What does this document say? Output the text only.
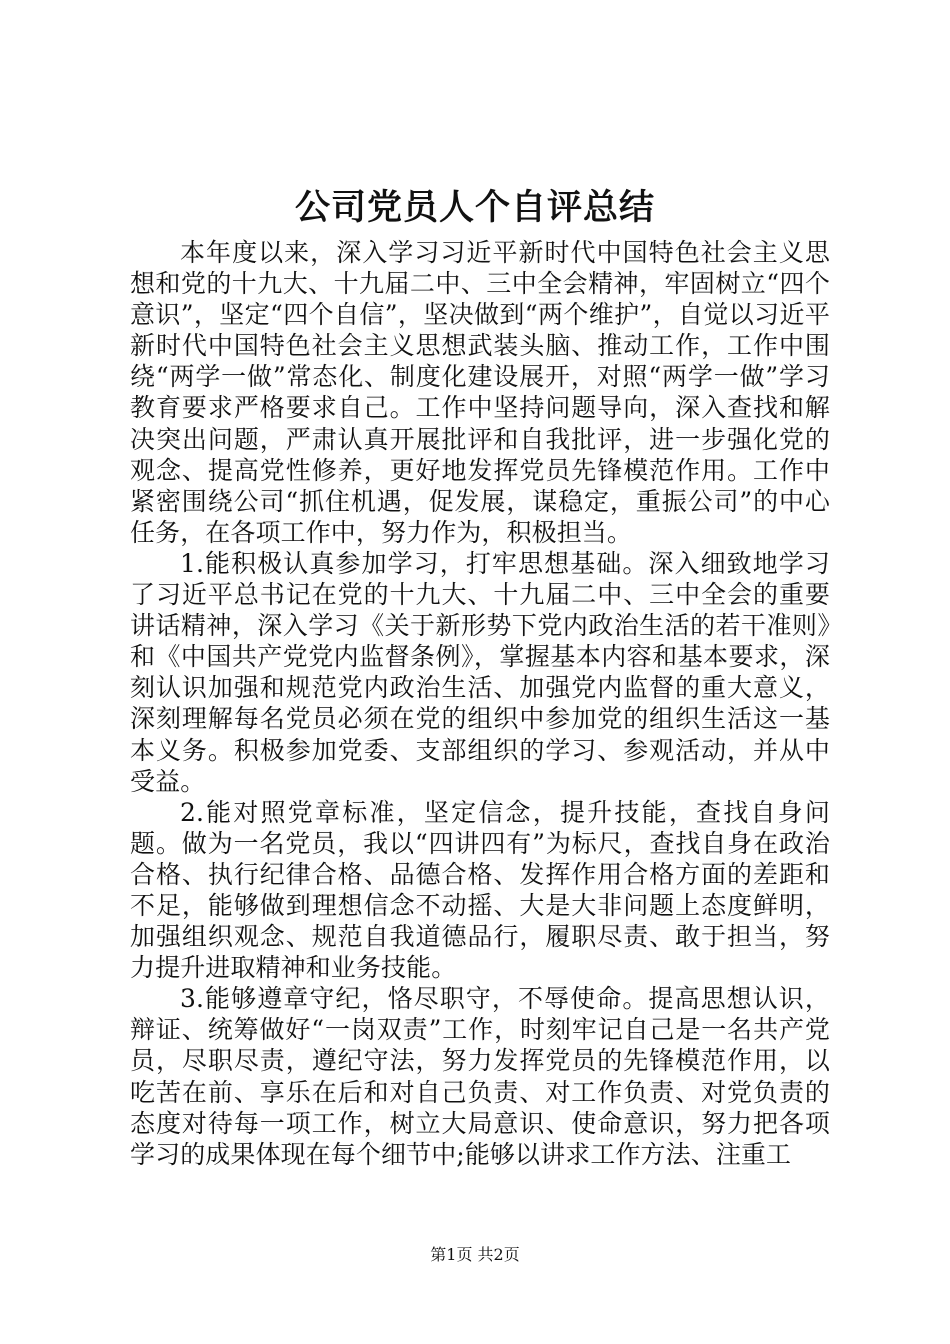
公司党员人个自评总结

本年度以来，深入学习习近平新时代中国特色社会主义思想和党的十九大、十九届二中、三中全会精神，牢固树立“四个意识”，坚定“四个自信”，坚决做到“两个维护”，自觉以习近平新时代中国特色社会主义思想武装头脑、推动工作，工作中围绕“两学一做”常态化、制度化建设展开，对照“两学一做”学习教育要求严格要求自己。工作中坚持问题导向，深入查找和解决突出问题，严肃认真开展批评和自我批评，进一步强化党的观念、提高党性修养，更好地发挥党员先锋模范作用。工作中紧密围绕公司“抓住机遇，促发展，谋稳定，重振公司”的中心任务，在各项工作中，努力作为，积极担当。

1.能积极认真参加学习，打牢思想基础。深入细致地学习了习近平总书记在党的十九大、十九届二中、三中全会的重要讲话精神，深入学习《关于新形势下党内政治生活的若干准则》和《中国共产党党内监督条例》，掌握基本内容和基本要求，深刻认识加强和规范党内政治生活、加强党内监督的重大意义，深刻理解每名党员必须在党的组织中参加党的组织生活这一基本义务。积极参加党委、支部组织的学习、参观活动，并从中受益。

2.能对照党章标准，坚定信念，提升技能，查找自身问题。做为一名党员，我以“四讲四有”为标尺，查找自身在政治合格、执行纪律合格、品德合格、发挥作用合格方面的差距和不足，能够做到理想信念不动摇、大是大非问题上态度鲜明，加强组织观念、规范自我道德品行，履职尽责、敢于担当，努力提升进取精神和业务技能。

3.能够遵章守纪，恪尽职守，不辱使命。提高思想认识，辩证、统筹做好“一岗双责”工作，时刻牢记自己是一名共产党员，尽职尽责，遵纪守法，努力发挥党员的先锋模范作用，以吃苦在前、享乐在后和对自己负责、对工作负责、对党负责的态度对待每一项工作，树立大局意识、使命意识，努力把各项学习的成果体现在每个细节中;能够以讲求工作方法、注重工

第1页 共2页
